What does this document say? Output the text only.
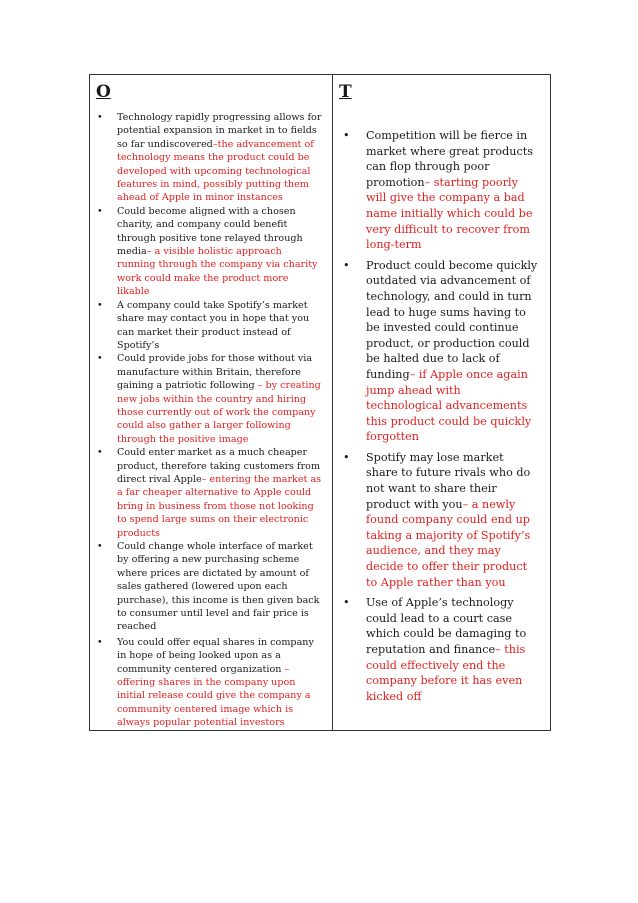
O
• Technology rapidly progressing allows for potential expansion in market in to fields so far undiscovered–the advancement of technology means the product could be developed with upcoming technological features in mind, possibly putting them ahead of Apple in minor instances
• Could become aligned with a chosen charity, and company could benefit through positive tone relayed through media– a visible holistic approach running through the company via charity work could make the product more likable
• A company could take Spotify’s market share may contact you in hope that you can market their product instead of Spotify’s
• Could provide jobs for those without via manufacture within Britain, therefore gaining a patriotic following – by creating new jobs within the country and hiring those currently out of work the company could also gather a larger following through the positive image
• Could enter market as a much cheaper product, therefore taking customers from direct rival Apple– entering the market as a far cheaper alternative to Apple could bring in business from those not looking to spend large sums on their electronic products
• Could change whole interface of market by offering a new purchasing scheme where prices are dictated by amount of sales gathered (lowered upon each purchase), this income is then given back to consumer until level and fair price is reached
• You could offer equal shares in company in hope of being looked upon as a community centered organization – offering shares in the company upon initial release could give the company a community centered image which is always popular potential investors

T
• Competition will be fierce in market where great products can flop through poor promotion– starting poorly will give the company a bad name initially which could be very difficult to recover from long-term
• Product could become quickly outdated via advancement of technology, and could in turn lead to huge sums having to be invested could continue product, or production could be halted due to lack of funding– if Apple once again jump ahead with technological advancements this product could be quickly forgotten
• Spotify may lose market share to future rivals who do not want to share their product with you– a newly found company could end up taking a majority of Spotify’s audience, and they may decide to offer their product to Apple rather than you
• Use of Apple’s technology could lead to a court case which could be damaging to reputation and finance– this could effectively end the company before it has even kicked off
